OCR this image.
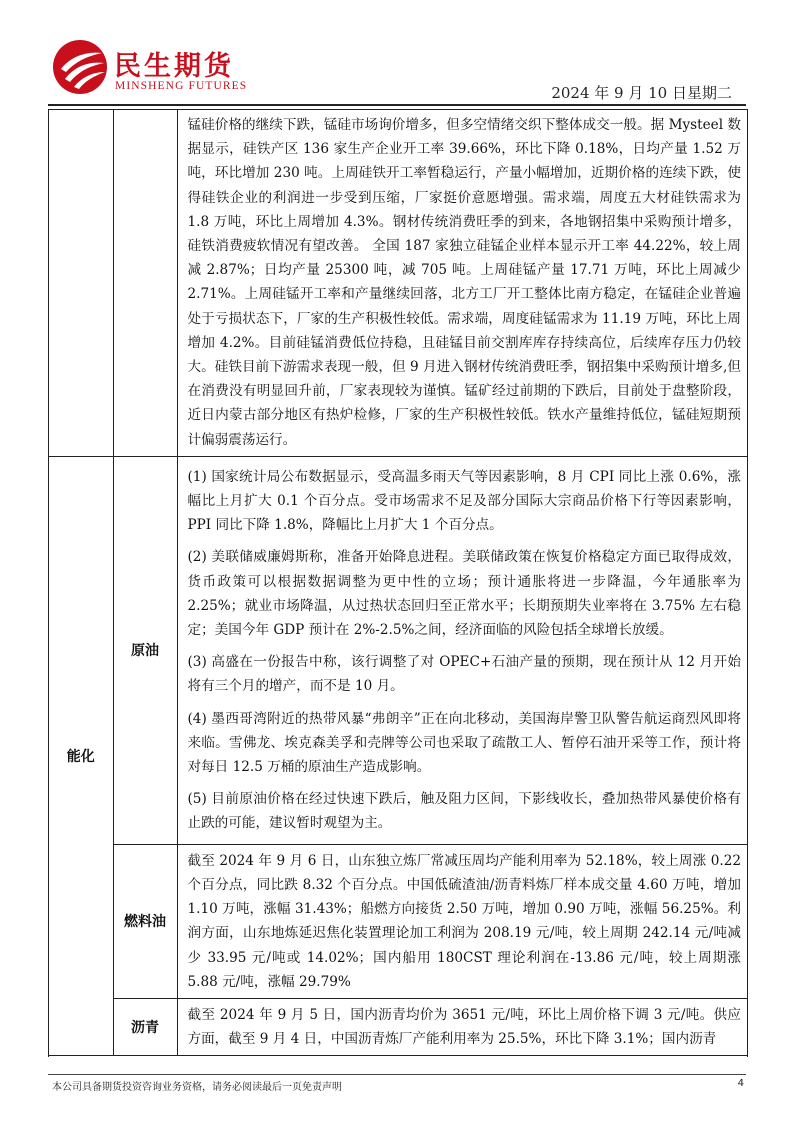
民生期货
MINSHENG FUTURES	2024 年 9 月 10 日星期二

		锰硅价格的继续下跌，锰硅市场询价增多，但多空情绪交织下整体成交一般。据 Mysteel 数据显示，硅铁产区 136 家生产企业开工率 39.66%，环比下降 0.18%，日均产量 1.52 万吨，环比增加 230 吨。上周硅铁开工率暂稳运行，产量小幅增加，近期价格的连续下跌，使得硅铁企业的利润进一步受到压缩，厂家挺价意愿增强。需求端，周度五大材硅铁需求为 1.8 万吨，环比上周增加 4.3%。钢材传统消费旺季的到来，各地钢招集中采购预计增多，硅铁消费疲软情况有望改善。 全国 187 家独立硅锰企业样本显示开工率 44.22%，较上周减 2.87%；日均产量 25300 吨，减 705 吨。上周硅锰产量 17.71 万吨，环比上周减少 2.71%。上周硅锰开工率和产量继续回落，北方工厂开工整体比南方稳定，在锰硅企业普遍处于亏损状态下，厂家的生产积极性较低。需求端，周度硅锰需求为 11.19 万吨，环比上周增加 4.2%。目前硅锰消费低位持稳，且硅锰目前交割库库存持续高位，后续库存压力仍较大。硅铁目前下游需求表现一般，但 9 月进入钢材传统消费旺季，钢招集中采购预计增多,但在消费没有明显回升前，厂家表现较为谨慎。锰矿经过前期的下跌后，目前处于盘整阶段，近日内蒙古部分地区有热炉检修，厂家的生产积极性较低。铁水产量维持低位，锰硅短期预计偏弱震荡运行。

能化	原油	(1) 国家统计局公布数据显示，受高温多雨天气等因素影响，8 月 CPI 同比上涨 0.6%，涨幅比上月扩大 0.1 个百分点。受市场需求不足及部分国际大宗商品价格下行等因素影响，PPI 同比下降 1.8%，降幅比上月扩大 1 个百分点。

(2) 美联储威廉姆斯称，准备开始降息进程。美联储政策在恢复价格稳定方面已取得成效，货币政策可以根据数据调整为更中性的立场；预计通胀将进一步降温，今年通胀率为 2.25%；就业市场降温，从过热状态回归至正常水平；长期预期失业率将在 3.75% 左右稳定；美国今年 GDP 预计在 2%-2.5%之间，经济面临的风险包括全球增长放缓。

(3) 高盛在一份报告中称，该行调整了对 OPEC+石油产量的预期，现在预计从 12 月开始将有三个月的增产，而不是 10 月。

(4) 墨西哥湾附近的热带风暴“弗朗辛”正在向北移动，美国海岸警卫队警告航运商烈风即将来临。雪佛龙、埃克森美孚和壳牌等公司也采取了疏散工人、暂停石油开采等工作，预计将对每日 12.5 万桶的原油生产造成影响。

(5) 目前原油价格在经过快速下跌后，触及阻力区间，下影线收长，叠加热带风暴使价格有止跌的可能，建议暂时观望为主。

	燃料油	截至 2024 年 9 月 6 日，山东独立炼厂常减压周均产能利用率为 52.18%，较上周涨 0.22 个百分点，同比跌 8.32 个百分点。中国低硫渣油/沥青料炼厂样本成交量 4.60 万吨，增加 1.10 万吨，涨幅 31.43%；船燃方向接货 2.50 万吨，增加 0.90 万吨，涨幅 56.25%。利润方面，山东地炼延迟焦化装置理论加工利润为 208.19 元/吨，较上周期 242.14 元/吨减少 33.95 元/吨或 14.02%；国内船用 180CST 理论利润在-13.86 元/吨，较上周期涨 5.88 元/吨，涨幅 29.79%

	沥青	截至 2024 年 9 月 5 日，国内沥青均价为 3651 元/吨，环比上周价格下调 3 元/吨。供应方面，截至 9 月 4 日，中国沥青炼厂产能利用率为 25.5%，环比下降 3.1%；国内沥青

本公司具备期货投资咨询业务资格，请务必阅读最后一页免责声明	4
